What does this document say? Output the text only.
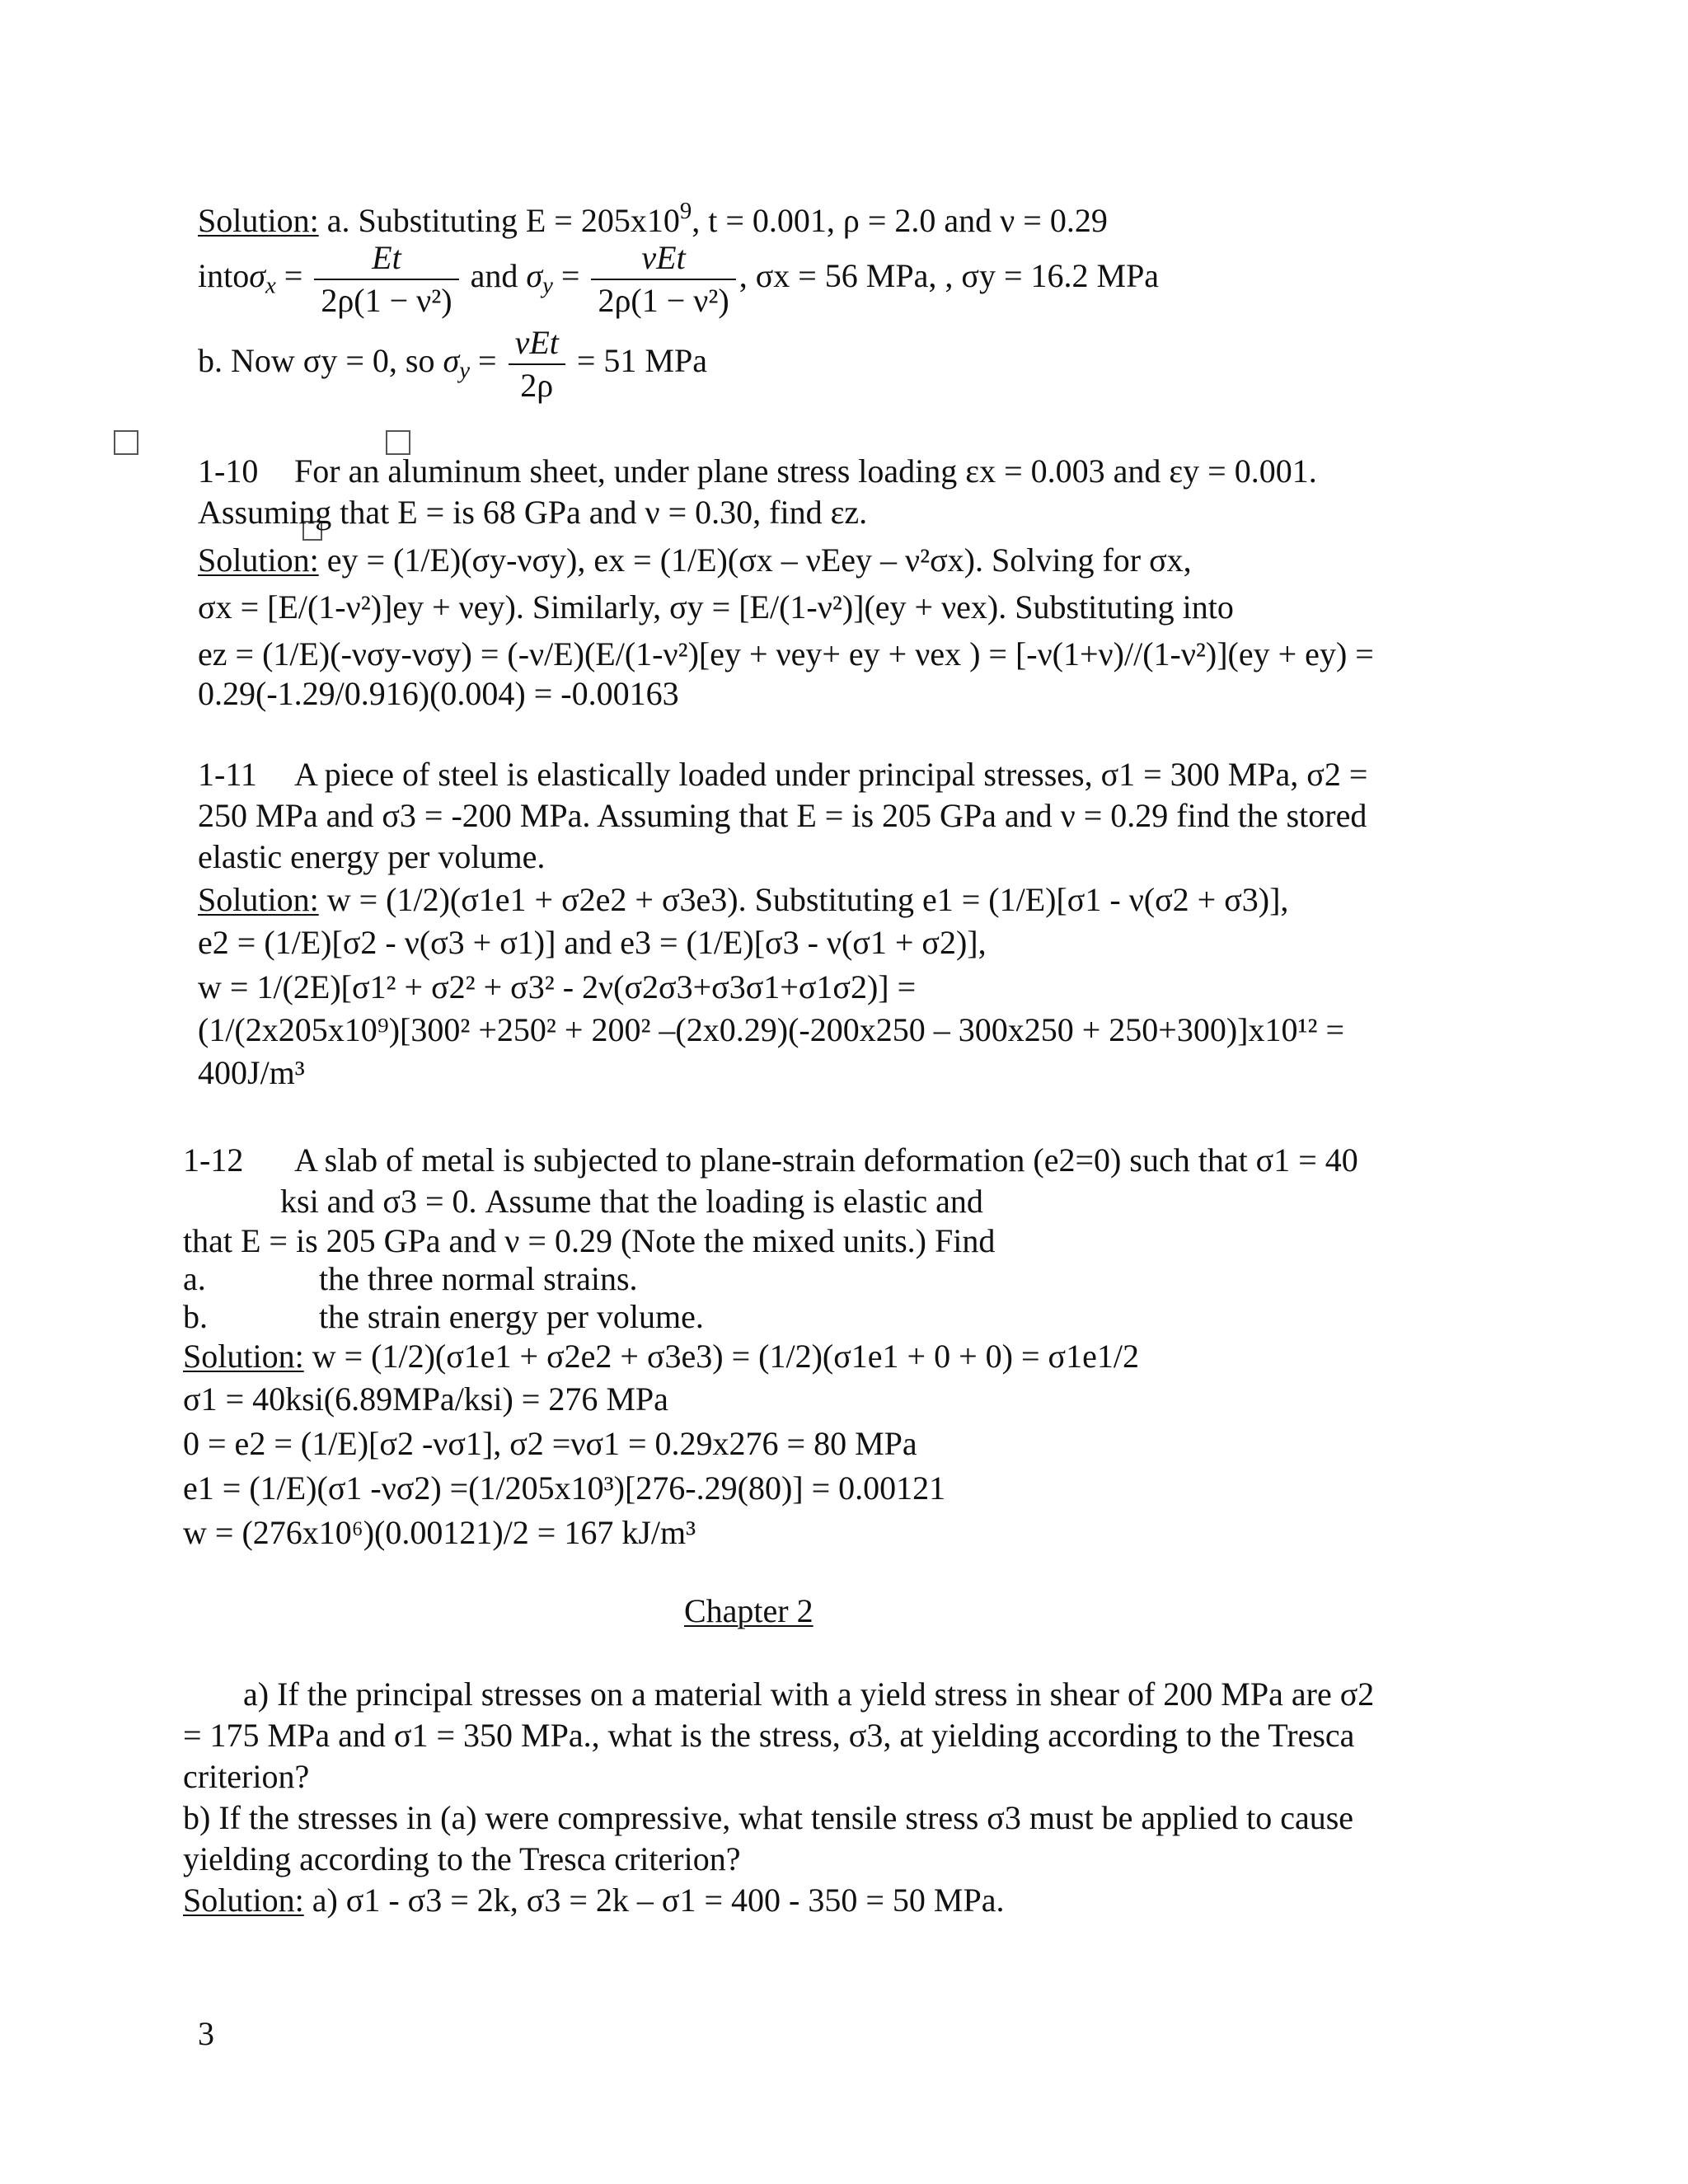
Solution: a. Substituting $E = 205x10^9$, t = 0.001, ρ = 2.0 and ν = 0.29
intoσ$_x$ = $\frac{Et}{\text{2ρ(1 − ν²)}}$ and $\sigma_y = \frac{\text{νEt}}{\text{2ρ(1 − ν²)}}$ , σx = 56 MPa, , σy = 16.2 MPa
b. Now σy = 0, so $\sigma_y = \frac{\text{νEt}}{2\rho} = 51$ MPa
1-10 For an aluminum sheet, under plane stress loading εx = 0.003 and εy = 0.001.
Assuming that E = is 68 GPa and ν = 0.30, find εz.
Solution: ey = (1/E)(σy-νσy), ex = (1/E)(σx – νEey – ν²σx). Solving for σx,
σx = [E/(1-ν²)]ey + νey). Similarly, σy = [E/(1-ν²)](ey + νex). Substituting into
ez = (1/E)(-νσy-νσy) = (-ν/E)(E/(1-ν²)[ey + νey+ ey + νex ) = [-ν(1+ν)//(1-ν²)](ey + ey) =
0.29(-1.29/0.916)(0.004) = -0.00163
1-11 A piece of steel is elastically loaded under principal stresses, σ1 = 300 MPa, σ2 =
250 MPa and σ3 = -200 MPa. Assuming that E = is 205 GPa and ν = 0.29 find the stored
elastic energy per volume.
Solution: w = (1/2)(σ1e1 + σ2e2 + σ3e3). Substituting e1 = (1/E)[σ1 - ν(σ2 + σ3)],
e2 = (1/E)[σ2 - ν(σ3 + σ1)] and e3 = (1/E)[σ3 - ν(σ1 + σ2)],
w = 1/(2E)[σ1² + σ2² + σ3² - 2ν(σ2σ3+σ3σ1+σ1σ2)] =
(1/(2x205x10⁹)[300² +250² + 200² –(2x0.29)(-200x250 – 300x250 + 250+300)]x10¹² =
400J/m³
1-12 A slab of metal is subjected to plane-strain deformation (e2=0) such that σ1 = 40
ksi and σ3 = 0. Assume that the loading is elastic and
that E = is 205 GPa and ν = 0.29 (Note the mixed units.) Find
a.	the three normal strains.
b.	the strain energy per volume.
Solution: w = (1/2)(σ1e1 + σ2e2 + σ3e3) = (1/2)(σ1e1 + 0 + 0) = σ1e1/2
σ1 = 40ksi(6.89MPa/ksi) = 276 MPa
0 = e2 = (1/E)[σ2 -νσ1], σ2 =νσ1 = 0.29x276 = 80 MPa
e1 = (1/E)(σ1 -νσ2) =(1/205x10³)[276-.29(80)] = 0.00121
w = (276x10⁶)(0.00121)/2 = 167 kJ/m³
Chapter 2
a) If the principal stresses on a material with a yield stress in shear of 200 MPa are σ2
= 175 MPa and σ1 = 350 MPa., what is the stress, σ3, at yielding according to the Tresca
criterion?
b) If the stresses in (a) were compressive, what tensile stress σ3 must be applied to cause
yielding according to the Tresca criterion?
Solution: a) σ1 - σ3 = 2k, σ3 = 2k – σ1 = 400 - 350 = 50 MPa.
3
